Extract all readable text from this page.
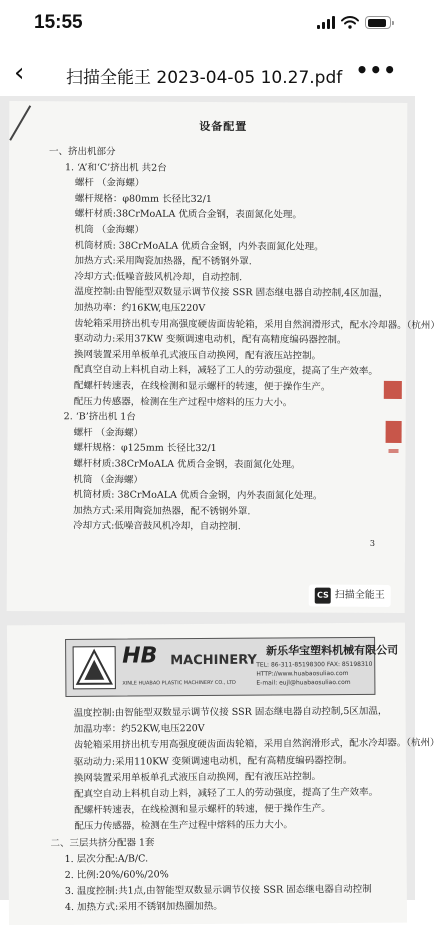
15:55
‹	扫描全能王 2023-04-05 10.27.pdf •••
设备配置
一、挤出机部分
1. ‘A’和‘C’挤出机 共2台
螺杆 （金海螺）
螺杆规格：φ80mm 长径比32/1
螺杆材质:38CrMoALA 优质合金钢，表面氮化处理。
机筒 （金海螺）
机筒材质: 38CrMoALA 优质合金钢，内外表面氮化处理。
加热方式:采用陶瓷加热器，配不锈钢外罩.
冷却方式:低噪音鼓风机冷却，自动控制.
温度控制:由智能型双数显示调节仪接 SSR 固态继电器自动控制,4区加温，
加热功率：约16KW,电压220V
齿轮箱采用挤出机专用高强度硬齿面齿轮箱，采用自然润滑形式，配水冷却器。（杭州）
驱动动力:采用37KW 变频调速电动机，配有高精度编码器控制。
换网装置采用单板单孔式液压自动换网，配有液压站控制。
配真空自动上料机自动上料，减轻了工人的劳动强度，提高了生产效率。
配螺杆转速表，在线检测和显示螺杆的转速，便于操作生产。
配压力传感器，检测在生产过程中熔料的压力大小。
2. ‘B’挤出机 1台
螺杆 （金海螺）
螺杆规格：φ125mm 长径比32/1
螺杆材质:38CrMoALA 优质合金钢，表面氮化处理。
机筒 （金海螺）
机筒材质: 38CrMoALA 优质合金钢，内外表面氮化处理。
加热方式:采用陶瓷加热器，配不锈钢外罩.
冷却方式:低噪音鼓风机冷却，自动控制.
3
CS 扫描全能王
HB MACHINERY
XINLE HUABAO PLASTIC MACHINERY CO., LTD
新乐华宝塑料机械有限公司
TEL: 86-311-85198300 FAX: 85198310
HTTP://www.huabaosuliao.com
E-mail: eujl@huabaosuliao.com
温度控制:由智能型双数显示调节仪接 SSR 固态继电器自动控制,5区加温，
加温功率：约52KW,电压220V
齿轮箱采用挤出机专用高强度硬齿面齿轮箱，采用自然润滑形式，配水冷却器。（杭州）
驱动动力:采用110KW 变频调速电动机，配有高精度编码器控制。
换网装置采用单板单孔式液压自动换网，配有液压站控制。
配真空自动上料机自动上料，减轻了工人的劳动强度，提高了生产效率。
配螺杆转速表，在线检测和显示螺杆的转速，便于操作生产。
配压力传感器，检测在生产过程中熔料的压力大小。
二、三层共挤分配器 1套
1. 层次分配:A/B/C.
2. 比例:20%/60%/20%
3. 温度控制:共1点,由智能型双数显示调节仪接 SSR 固态继电器自动控制
4. 加热方式:采用不锈钢加热圈加热。
